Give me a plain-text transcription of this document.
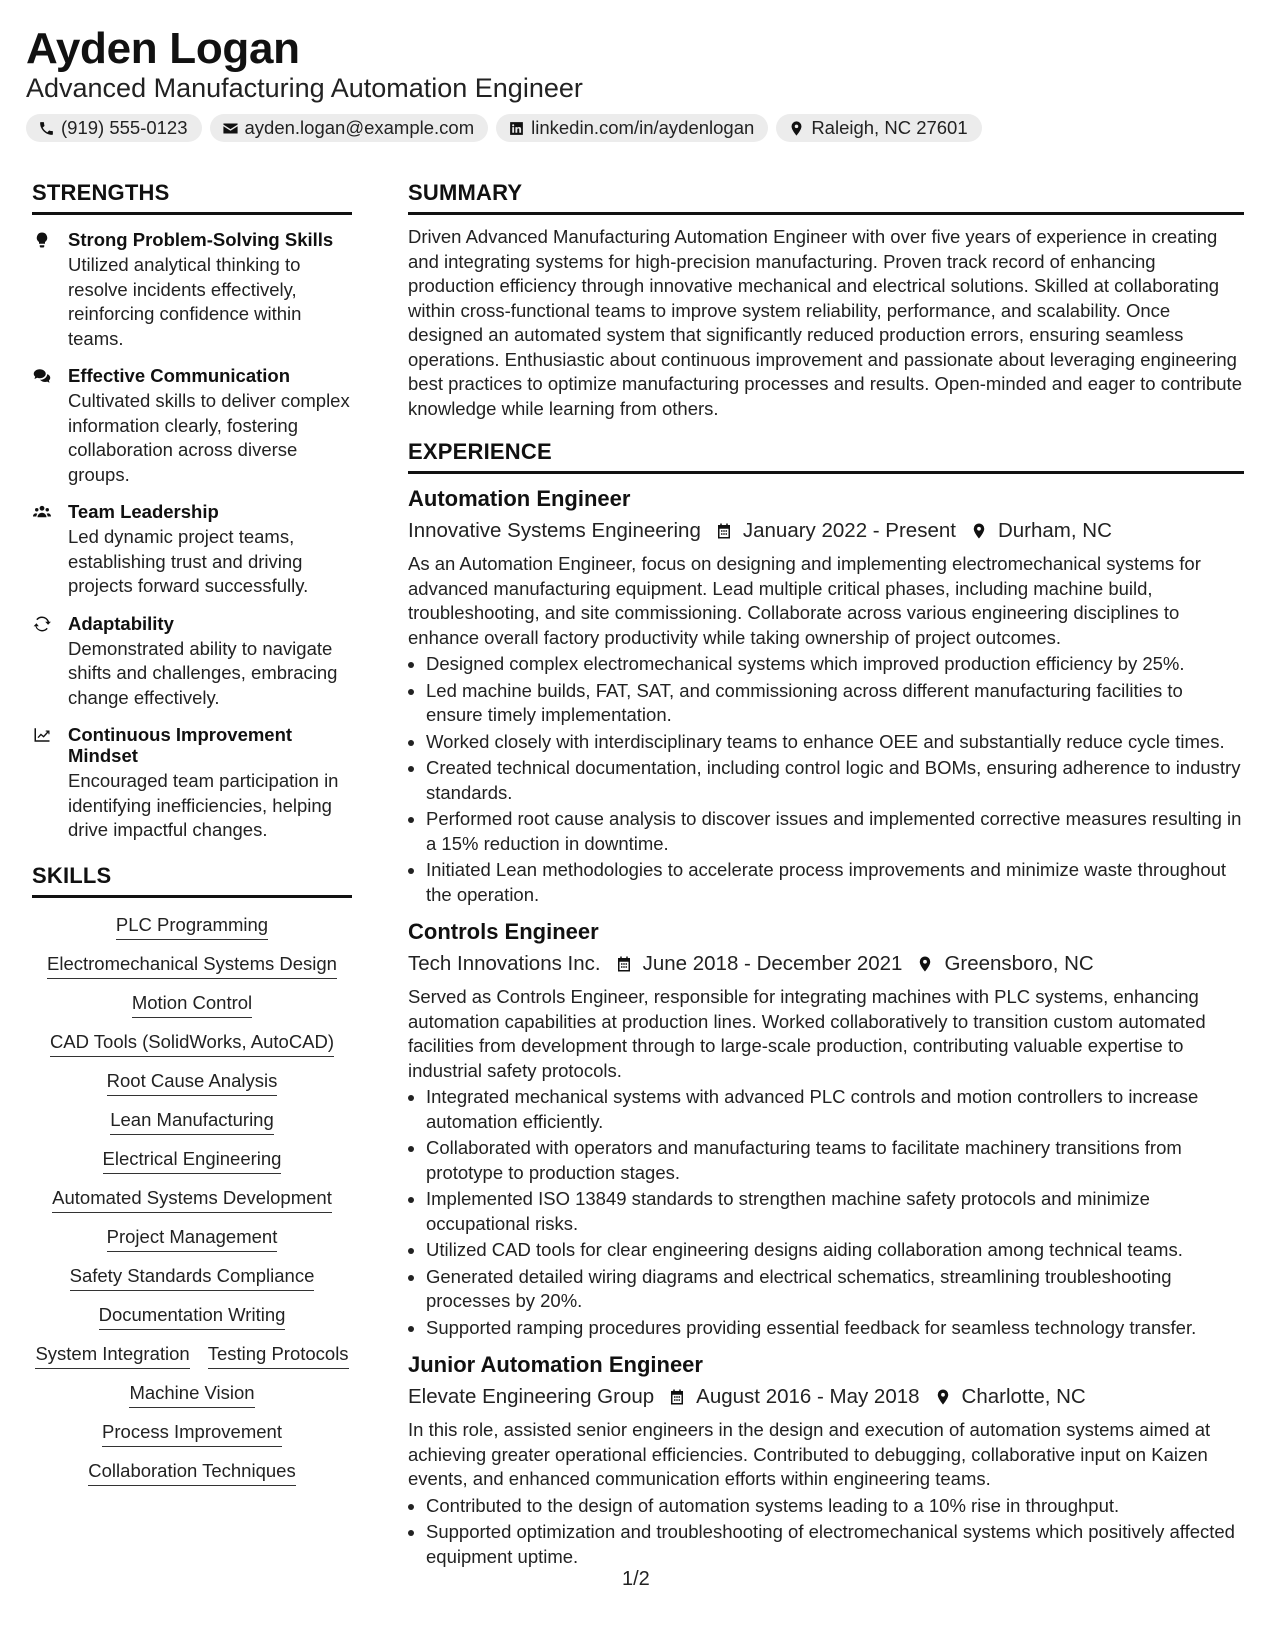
Ayden Logan
Advanced Manufacturing Automation Engineer
(919) 555-0123	ayden.logan@example.com	linkedin.com/in/aydenlogan	Raleigh, NC 27601
STRENGTHS
Strong Problem-Solving Skills
Utilized analytical thinking to resolve incidents effectively, reinforcing confidence within teams.
Effective Communication
Cultivated skills to deliver complex information clearly, fostering collaboration across diverse groups.
Team Leadership
Led dynamic project teams, establishing trust and driving projects forward successfully.
Adaptability
Demonstrated ability to navigate shifts and challenges, embracing change effectively.
Continuous Improvement Mindset
Encouraged team participation in identifying inefficiencies, helping drive impactful changes.
SKILLS
PLC Programming
Electromechanical Systems Design
Motion Control
CAD Tools (SolidWorks, AutoCAD)
Root Cause Analysis
Lean Manufacturing
Electrical Engineering
Automated Systems Development
Project Management
Safety Standards Compliance
Documentation Writing
System Integration Testing Protocols
Machine Vision
Process Improvement
Collaboration Techniques
SUMMARY
Driven Advanced Manufacturing Automation Engineer with over five years of experience in creating and integrating systems for high-precision manufacturing. Proven track record of enhancing production efficiency through innovative mechanical and electrical solutions. Skilled at collaborating within cross-functional teams to improve system reliability, performance, and scalability. Once designed an automated system that significantly reduced production errors, ensuring seamless operations. Enthusiastic about continuous improvement and passionate about leveraging engineering best practices to optimize manufacturing processes and results. Open-minded and eager to contribute knowledge while learning from others.
EXPERIENCE
Automation Engineer
Innovative Systems Engineering January 2022 - Present Durham, NC
As an Automation Engineer, focus on designing and implementing electromechanical systems for advanced manufacturing equipment. Lead multiple critical phases, including machine build, troubleshooting, and site commissioning. Collaborate across various engineering disciplines to enhance overall factory productivity while taking ownership of project outcomes.
• Designed complex electromechanical systems which improved production efficiency by 25%.
• Led machine builds, FAT, SAT, and commissioning across different manufacturing facilities to ensure timely implementation.
• Worked closely with interdisciplinary teams to enhance OEE and substantially reduce cycle times.
• Created technical documentation, including control logic and BOMs, ensuring adherence to industry standards.
• Performed root cause analysis to discover issues and implemented corrective measures resulting in a 15% reduction in downtime.
• Initiated Lean methodologies to accelerate process improvements and minimize waste throughout the operation.
Controls Engineer
Tech Innovations Inc. June 2018 - December 2021 Greensboro, NC
Served as Controls Engineer, responsible for integrating machines with PLC systems, enhancing automation capabilities at production lines. Worked collaboratively to transition custom automated facilities from development through to large-scale production, contributing valuable expertise to industrial safety protocols.
• Integrated mechanical systems with advanced PLC controls and motion controllers to increase automation efficiently.
• Collaborated with operators and manufacturing teams to facilitate machinery transitions from prototype to production stages.
• Implemented ISO 13849 standards to strengthen machine safety protocols and minimize occupational risks.
• Utilized CAD tools for clear engineering designs aiding collaboration among technical teams.
• Generated detailed wiring diagrams and electrical schematics, streamlining troubleshooting processes by 20%.
• Supported ramping procedures providing essential feedback for seamless technology transfer.
Junior Automation Engineer
Elevate Engineering Group August 2016 - May 2018 Charlotte, NC
In this role, assisted senior engineers in the design and execution of automation systems aimed at achieving greater operational efficiencies. Contributed to debugging, collaborative input on Kaizen events, and enhanced communication efforts within engineering teams.
• Contributed to the design of automation systems leading to a 10% rise in throughput.
• Supported optimization and troubleshooting of electromechanical systems which positively affected equipment uptime.
1/2
